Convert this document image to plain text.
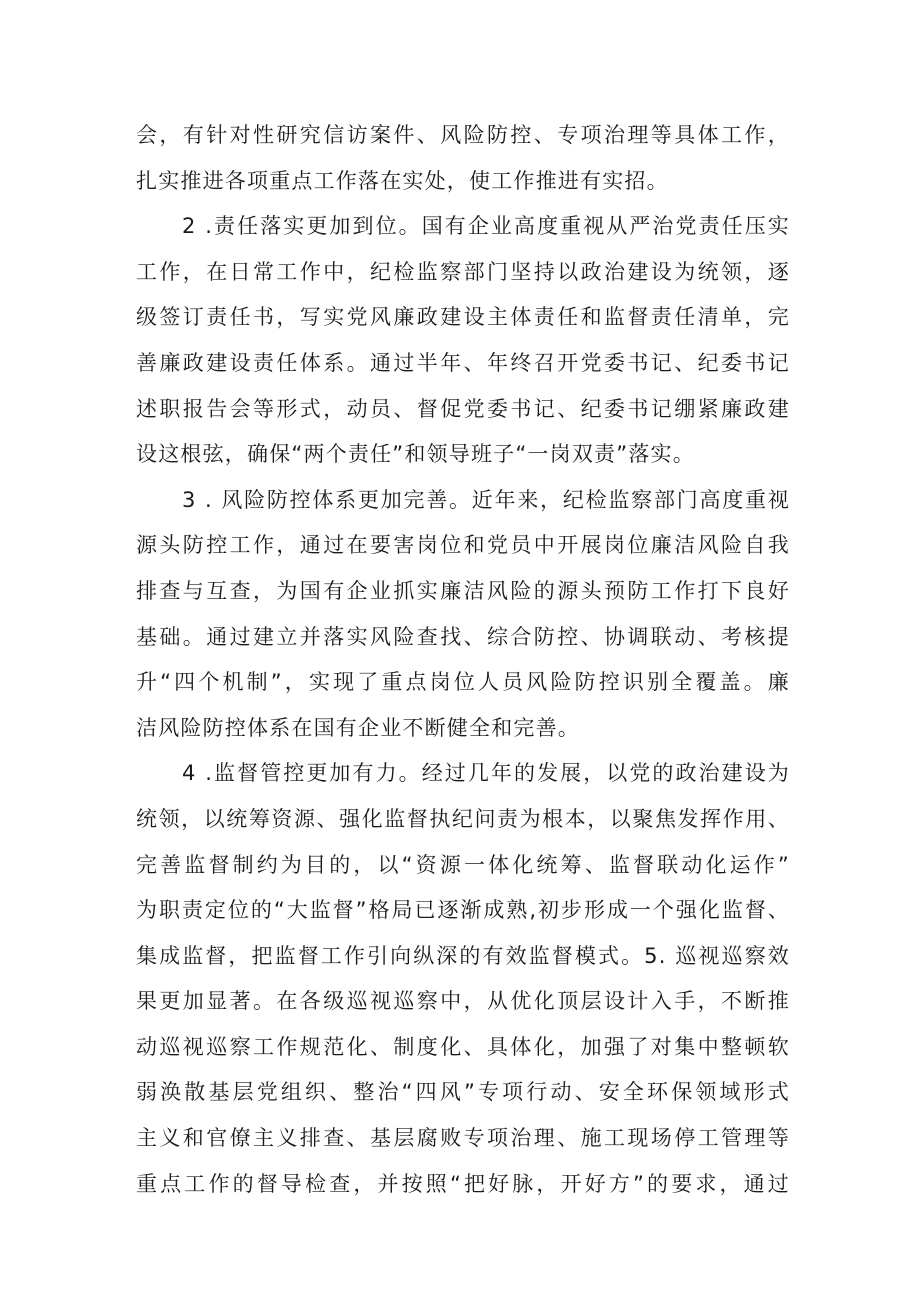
会，有针对性研究信访案件、风险防控、专项治理等具体工作，
扎实推进各项重点工作落在实处，使工作推进有实招。
2 .责任落实更加到位。国有企业高度重视从严治党责任压实
工作，在日常工作中，纪检监察部门坚持以政治建设为统领，逐
级签订责任书，写实党风廉政建设主体责任和监督责任清单，完
善廉政建设责任体系。通过半年、年终召开党委书记、纪委书记
述职报告会等形式，动员、督促党委书记、纪委书记绷紧廉政建
设这根弦，确保“两个责任”和领导班子“一岗双责”落实。
3 . 风险防控体系更加完善。近年来，纪检监察部门高度重视
源头防控工作，通过在要害岗位和党员中开展岗位廉洁风险自我
排查与互查，为国有企业抓实廉洁风险的源头预防工作打下良好
基础。通过建立并落实风险查找、综合防控、协调联动、考核提
升“四个机制”，实现了重点岗位人员风险防控识别全覆盖。廉
洁风险防控体系在国有企业不断健全和完善。
4 .监督管控更加有力。经过几年的发展，以党的政治建设为
统领，以统筹资源、强化监督执纪问责为根本，以聚焦发挥作用、
完善监督制约为目的，以“资源一体化统筹、监督联动化运作”
为职责定位的“大监督”格局已逐渐成熟,初步形成一个强化监督、
集成监督，把监督工作引向纵深的有效监督模式。5. 巡视巡察效
果更加显著。在各级巡视巡察中，从优化顶层设计入手，不断推
动巡视巡察工作规范化、制度化、具体化，加强了对集中整顿软
弱涣散基层党组织、整治“四风”专项行动、安全环保领域形式
主义和官僚主义排查、基层腐败专项治理、施工现场停工管理等
重点工作的督导检查，并按照“把好脉，开好方”的要求，通过
